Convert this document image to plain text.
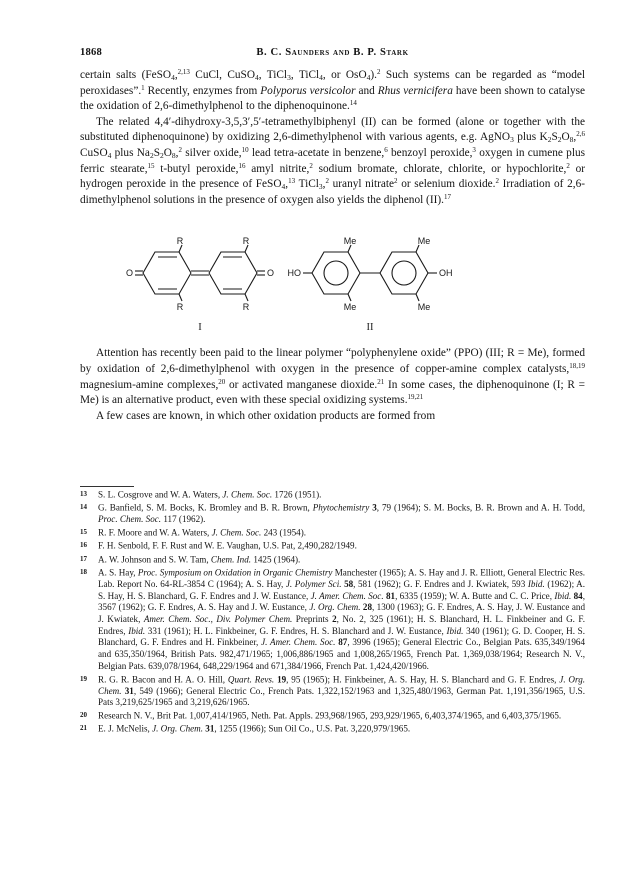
1868	B. C. Saunders and B. P. Stark

certain salts (FeSO$_4$,$^{2,13}$ CuCl, CuSO$_4$, TiCl$_3$, TiCl$_4$, or OsO$_4$).$^2$ Such systems can be regarded as “model peroxidases”.$^1$ Recently, enzymes from Polyporus versicolor and Rhus vernicifera have been shown to catalyse the oxidation of 2,6-dimethylphenol to the diphenoquinone.$^{14}$

The related 4,4′-dihydroxy-3,5,3′,5′-tetramethylbiphenyl (II) can be formed (alone or together with the substituted diphenoquinone) by oxidizing 2,6-dimethylphenol with various agents, e.g. AgNO$_3$ plus $K_2S_2O_8,^{2,6}$ CuSO$_4$ plus $Na_2S_2O_8,^2$ silver oxide,$^{10}$ lead tetra-acetate in benzene,$^6$ benzoyl peroxide,$^3$ oxygen in cumene plus ferric stearate,$^{15}$ t-butyl peroxide,$^{16}$ amyl nitrite,$^2$ sodium bromate, chlorate, chlorite, or hypochlorite,$^2$ or hydrogen peroxide in the presence of FeSO$_4$,$^{13}$ TiCl$_3$,$^2$ uranyl nitrate$^2$ or selenium dioxide.$^2$ Irradiation of 2,6-dimethylphenol solutions in the presence of oxygen also yields the diphenol (II).$^{17}$

R	R
R	R
O	O
Me	Me
Me	Me
HO	OH
I	II

Attention has recently been paid to the linear polymer “polyphenylene oxide” (PPO) (III; R = Me), formed by oxidation of 2,6-dimethylphenol with oxygen in the presence of copper-amine complex catalysts,$^{18,19}$ magnesium-amine complexes,$^{20}$ or activated manganese dioxide.$^{21}$ In some cases, the diphenoquinone (I; R = Me) is an alternative product, even with these special oxidizing systems.$^{19,21}$

A few cases are known, in which other oxidation products are formed from

13 S. L. Cosgrove and W. A. Waters, J. Chem. Soc. 1726 (1951).
14 G. Banfield, S. M. Bocks, K. Bromley and B. R. Brown, Phytochemistry 3, 79 (1964); S. M. Bocks, B. R. Brown and A. H. Todd, Proc. Chem. Soc. 117 (1962).
15 R. F. Moore and W. A. Waters, J. Chem. Soc. 243 (1954).
16 F. H. Senbold, F. F. Rust and W. E. Vaughan, U.S. Pat, 2,490,282/1949.
17 A. W. Johnson and S. W. Tam, Chem. Ind. 1425 (1964).
18 A. S. Hay, Proc. Symposium on Oxidation in Organic Chemistry Manchester (1965); A. S. Hay and J. R. Elliott, General Electric Res. Lab. Report No. 64-RL-3854 C (1964); A. S. Hay, J. Polymer Sci. 58, 581 (1962); G. F. Endres and J. Kwiatek, 593 Ibid. (1962); A. S. Hay, H. S. Blanchard, G. F. Endres and J. W. Eustance, J. Amer. Chem. Soc. 81, 6335 (1959); W. A. Butte and C. C. Price, Ibid. 84, 3567 (1962); G. F. Endres, A. S. Hay and J. W. Eustance, J. Org. Chem. 28, 1300 (1963); G. F. Endres, A. S. Hay, J. W. Eustance and J. Kwiatek, Amer. Chem. Soc., Div. Polymer Chem. Preprints 2, No. 2, 325 (1961); H. S. Blanchard, H. L. Finkbeiner and G. F. Endres, Ibid. 331 (1961); H. L. Finkbeiner, G. F. Endres, H. S. Blanchard and J. W. Eustance, Ibid. 340 (1961); G. D. Cooper, H. S. Blanchard, G. F. Endres and H. Finkbeiner, J. Amer. Chem. Soc. 87, 3996 (1965); General Electric Co., Belgian Pats. 635,349/1964 and 635,350/1964, British Pats. 982,471/1965; 1,006,886/1965 and 1,008,265/1965, French Pat. 1,369,038/1964; Research N. V., Belgian Pats. 639,078/1964, 648,229/1964 and 671,384/1966, French Pat. 1,424,420/1966.
19 R. G. R. Bacon and H. A. O. Hill, Quart. Revs. 19, 95 (1965); H. Finkbeiner, A. S. Hay, H. S. Blanchard and G. F. Endres, J. Org. Chem. 31, 549 (1966); General Electric Co., French Pats. 1,322,152/1963 and 1,325,480/1963, German Pat. 1,191,356/1965, U.S. Pats 3,219,625/1965 and 3,219,626/1965.
20 Research N. V., Brit Pat. 1,007,414/1965, Neth. Pat. Appls. 293,968/1965, 293,929/1965, 6,403,374/1965, and 6,403,375/1965.
21 E. J. McNelis, J. Org. Chem. 31, 1255 (1966); Sun Oil Co., U.S. Pat. 3,220,979/1965.
